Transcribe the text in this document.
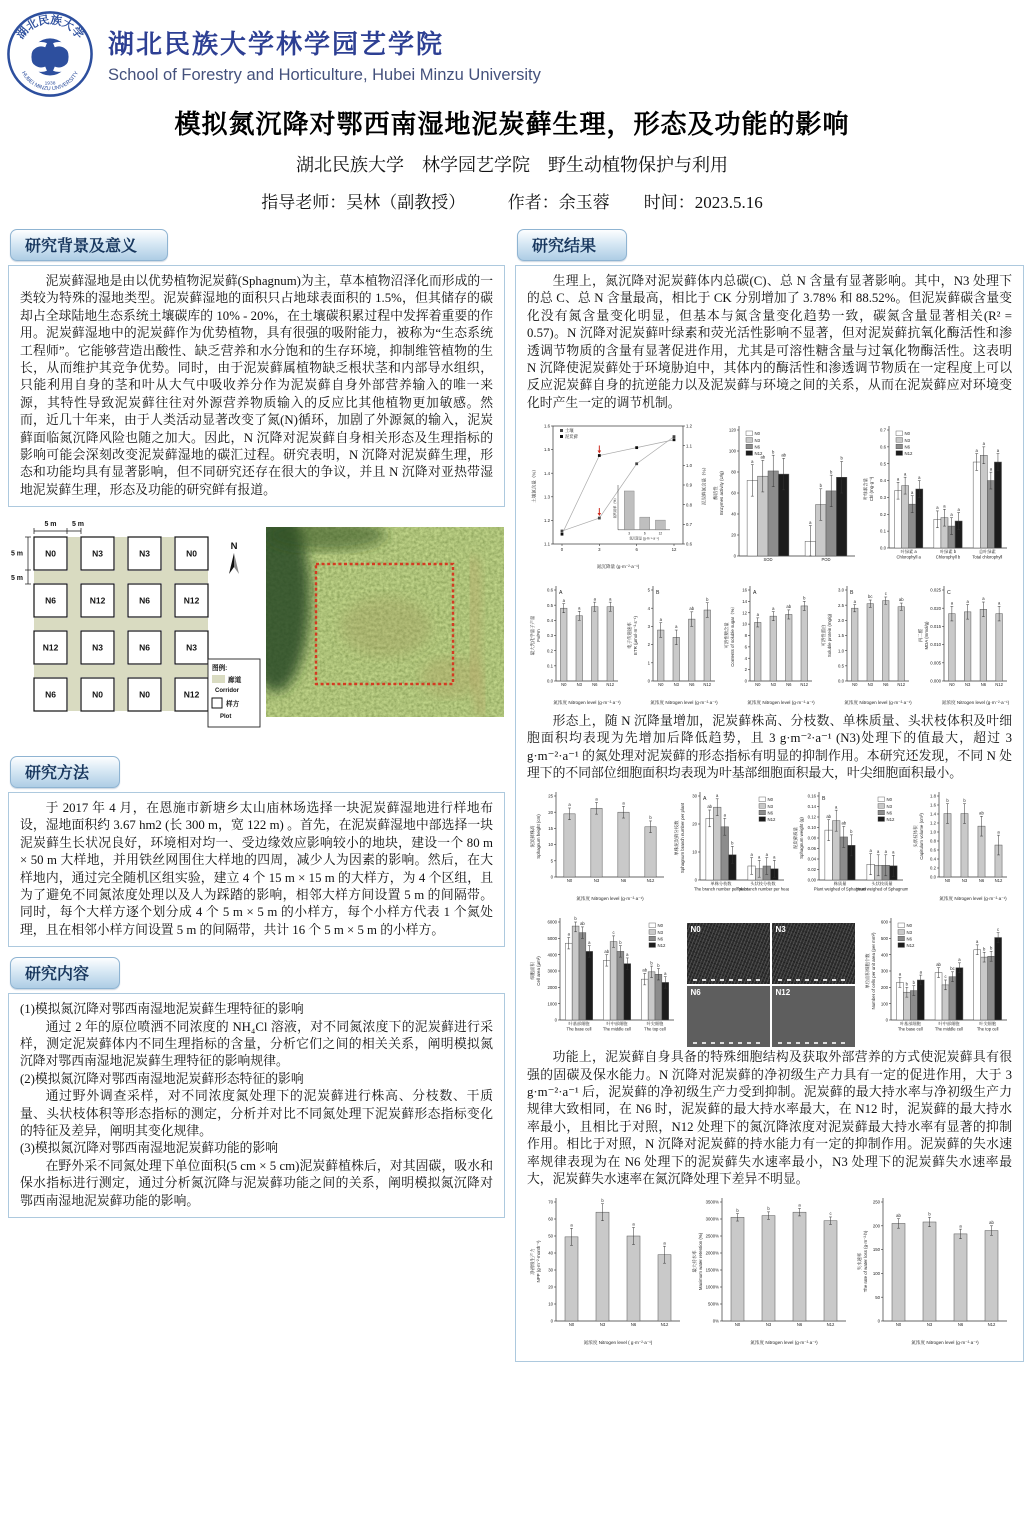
湖北民族大学
1938
HUBEI MINZU UNIVERSITY
湖北民族大学林学园艺学院
School of Forestry and Horticulture, Hubei Minzu University
模拟氮沉降对鄂西南湿地泥炭藓生理，形态及功能的影响
湖北民族大学　林学园艺学院　野生动植物保护与利用
指导老师：吴林（副教授）　　　作者：余玉蓉　　时间：2023.5.16
研究背景及意义

泥炭藓湿地是由以优势植物泥炭藓(Sphagnum)为主，草本植物沼泽化而形成的一类较为特殊的湿地类型。泥炭藓湿地的面积只占地球表面积的 1.5%，但其储存的碳却占全球陆地生态系统土壤碳库的 10% - 20%，在土壤碳积累过程中发挥着重要的作用。泥炭藓湿地中的泥炭藓作为优势植物，具有很强的吸附能力，被称为“生态系统工程师”。它能够营造出酸性、缺乏营养和水分饱和的生存环境，抑制维管植物的生长，从而维护其竞争优势。同时，由于泥炭藓属植物缺乏根状茎和内部导水组织，只能利用自身的茎和叶从大气中吸收养分作为泥炭藓自身外部营养输入的唯一来源，其特性导致泥炭藓往往对外源营养物质输入的反应比其他植物更加敏感。然而，近几十年来，由于人类活动显著改变了氮(N)循环，加剧了外源氮的输入，泥炭藓面临氮沉降风险也随之加大。因此，N 沉降对泥炭藓自身相关形态及生理指标的影响可能会深刻改变泥炭藓湿地的碳汇过程。研究表明，N 沉降对泥炭藓生理，形态和功能均具有显著影响，但不同研究还存在很大的争议，并且 N 沉降对亚热带湿地泥炭藓生理，形态及功能的研究鲜有报道。

N0	N3	N3	N0
N6	N12	N6	N12
N12	N3	N6	N3
N6	N0	N0	N12
5 m 5 m
5 m
5 m
N
图例:
廊道
Corridor
样方
Plot
研究方法

于 2017 年 4 月，在恩施市新塘乡太山庙林场选择一块泥炭藓湿地进行样地布设，湿地面积约 3.67 hm2 (长 300 m，宽 122 m) 。首先，在泥炭藓湿地中部选择一块泥炭藓生长状况良好，环境相对均一、受边缘效应影响较小的地块，建设一个 80 m × 50 m 大样地，并用铁丝网围住大样地的四周，减少人为因素的影响。然后，在大样地内，通过完全随机区组实验，建立 4 个 15 m × 15 m 的大样方，为 4 个区组，且为了避免不同氮浓度处理以及人为踩踏的影响，相邻大样方间设置 5 m 的间隔带。同时，每个大样方逐个划分成 4 个 5 m × 5 m 的小样方，每个小样方代表 1 个氮处理，且在相邻小样方间设置 5 m 的间隔带，共计 16 个 5 m × 5 m 的小样方。

研究内容

(1)模拟氮沉降对鄂西南湿地泥炭藓生理特征的影响

通过 2 年的原位喷洒不同浓度的 NH₄Cl 溶液，对不同氮浓度下的泥炭藓进行采样，测定泥炭藓体内不同生理指标的含量，分析它们之间的相关关系，阐明模拟氮沉降对鄂西南湿地泥炭藓生理特征的影响规律。

(2)模拟氮沉降对鄂西南湿地泥炭藓形态特征的影响

通过野外调查采样，对不同浓度氮处理下的泥炭藓进行株高、分枝数、干质量、头状枝体积等形态指标的测定，分析并对比不同氮处理下泥炭藓形态指标变化的特征及差异，阐明其变化规律。

(3)模拟氮沉降对鄂西南湿地泥炭藓功能的影响

在野外采不同氮处理下单位面积(5 cm × 5 cm)泥炭藓植株后，对其固碳，吸水和保水指标进行测定，通过分析氮沉降与泥炭藓功能之间的关系，阐明模拟氮沉降对鄂西南湿地泥炭藓功能的影响。

研究结果

生理上，氮沉降对泥炭藓体内总碳(C)、总 N 含量有显著影响。其中，N3 处理下的总 C、总 N 含量最高，相比于 CK 分别增加了 3.78% 和 88.52%。但泥炭藓碳含量变化没有氮含量变化明显，但基本与氮含量变化趋势一致，碳氮含量显著相关(R² = 0.57)。N 沉降对泥炭藓叶绿素和荧光活性影响不显著，但对泥炭藓抗氧化酶活性和渗透调节物质的含量有显著促进作用，尤其是可溶性糖含量与过氧化物酶活性。这表明 N 沉降使泥炭藓处于环境胁迫中，其体内的酶活性和渗透调节物质在一定程度上可以反应泥炭藓自身的抗逆能力以及泥炭藓与环境之间的关系，从而在泥炭藓应对环境变化时产生一定的调节机制。

1.1
1.2
1.3
1.4
1.5
1.6
0.6
0.7
0.8
0.9
1.0
1.1
1.2
0	3	6	12
土壤
泥炭藓
氮沉降量 (g·m⁻²·a⁻¹)
土壤氮含量（%）	泥炭藓氮含量（%）
3	6	12
氮沉降量 (g·m⁻²·a⁻¹)
氮利用率（%）
0
20
40
60
80
100
120
a
a
ab
b
b
b
ab
b
SOD	POD
酶活性 Enzymes activity (U/g)
N0
N3
N6
N12
0.0
0.1
0.2
0.3
0.4
0.5
0.6
0.7
a
a
a
a
a
a
a
a
a
a
a
a
叶绿素 a
Chlorophyll a
叶绿素 b
Chlorophyll b
总叶绿素
Total chlorophyll
叶绿素含量 Chl (mg·g⁻¹)
N0
N3
N6
N12
0.0
0.1
0.2
0.3
0.4
0.5
0.6
a
a
a	a
N0 N3 N6 N12
氮浓度 Nitrogen level (g·m⁻²·a⁻¹)
最大光化学量子产量 Fv/Fm
A
0
1
2
3
4
5
a
a
ab
b
N0 N3 N6 N12
氮浓度 Nitrogen level (g·m⁻²·a⁻¹)
电子传递速率 ETR (μmol·m⁻²·s⁻¹)
B
0
2
4
6
8
10
12
14
16
a
a	ab
b
N0 N3 N6 N12
氮浓度 Nitrogen level (g·m⁻²·a⁻¹)
可溶性糖含量 Contents of soluble sugar（%）
A
0.0
0.5
1.0
1.5
2.0
2.5
3.0
a
bc
c
ab
N0 N3 N6 N12
氮浓度 Nitrogen level (g·m⁻²·a⁻¹)
可溶性蛋白 Soluble protein (mg/g)
B
0.000
0.005
0.010
0.015
0.020
0.025
a	a
a
a
N0 N3 N6 N12
氮浓度 Nitrogen level (g·m⁻²·a⁻¹)
丙二醛 MDA (mmol/g)
C

形态上，随 N 沉降量增加，泥炭藓株高、分枝数、单株质量、头状枝体积及叶细胞面积均表现为先增加后降低趋势，且 3 g·m⁻²·a⁻¹ (N3)处理下的值最大，超过 3 g·m⁻²·a⁻¹ 的氮处理对泥炭藓的形态指标有明显的抑制作用。本研究还发现，不同 N 处理下的不同部位细胞面积均表现为叶基部细胞面积最大，叶尖细胞面积最小。

0
5
10
15
20
25
a
a
a
b
N0	N3	N6	N12
氮浓度 Nitrogen level (g·m⁻²·a⁻¹)
泥炭藓株高 Sphagnum height (cm)
0
10
20
30
ab
a
a
a
a
a
b
a
单株分枝数
The branch number per plant
头状枝分枝数
The branch number per head
单株泥炭藓分枝数 Sphagnum branch number per plant
A	N0
N3
N6
N12
0.00
0.02
0.04
0.06
0.08
0.10
0.12
0.14
0.16
ab
a
a
a
ab
a
b
a
株质量
Plant weighed of Sphagnum
头状枝质量
Head weighed of Sphagnum
泥炭藓质量 Sphagnum weight (g)
B	N0
N3
N6
N12
0.0
0.2
0.4
0.6
0.8
1.0
1.2
1.4
1.6
1.8
b	b
ab
a
N0	N3	N6 N12
氮浓度 Nitrogen level (g·m⁻²·a⁻¹)
头状枝体积 Capitulum volume (cm³)
0
1000
2000
3000
4000
5000
6000
a
ab
ab
b
c
b
ab
b
b
a
a
a
叶基部细胞
The base cell
叶中部细胞
The middle cell
叶尖细胞
The top cell
细胞面积 Cell area (μm²)
N0
N3
N6
N12
N0	N3
N6	N12
0
100
200
300
400
500
600
a
ab
a
b
c
b
b
bc
b
a
a
c
叶基部细胞
The base cell
叶中部细胞
The middle cell
叶尖细胞
The top cell
单位面积细胞个数 Number of cells per unit area (per mm²)
N0
N3
N6
N12

功能上，泥炭藓自身具备的特殊细胞结构及获取外部营养的方式使泥炭藓具有很强的固碳及保水能力。N 沉降对泥炭藓的净初级生产力具有一定的促进作用，大于 3 g·m⁻²·a⁻¹ 后，泥炭藓的净初级生产力受到抑制。泥炭藓的最大持水率与净初级生产力规律大致相同，在 N6 时，泥炭藓的最大持水率最大，在 N12 时，泥炭藓的最大持水率最小，且相比于对照，N12 处理下的氮沉降浓度对泥炭藓最大持水率有显著的抑制作用。相比于对照，N 沉降对泥炭藓的持水能力有一定的抑制作用。泥炭藓的失水速率规律表现为在 N6 处理下的泥炭藓失水速率最小，N3 处理下的泥炭藓失水速率最大，泥炭藓失水速率在氮沉降处理下差异不明显。

0
10
20
30
40
50
60
70
a
b
a
a
N0	N3	N6	N12
氮浓度 Nitrogen level ( g·m⁻²·a⁻¹)
净初级生产力 NPP (g·m⁻²·month⁻¹)
0%
500%
1000%
1500%
2000%
2500%
3000%
3500%
b	b
a
c
N0	N3	N6	N12
氮浓度 Nitrogen level (g·m⁻²·a⁻¹)
最大持水率 Maximum water retention (%)
0
50
100
150
200
250
ab	b
a
ab
N0	N3	N6	N12
氮浓度 Nitrogen level (g·m⁻²·a⁻¹)
失水速率 The rate of water loss (g·m⁻²·h)
